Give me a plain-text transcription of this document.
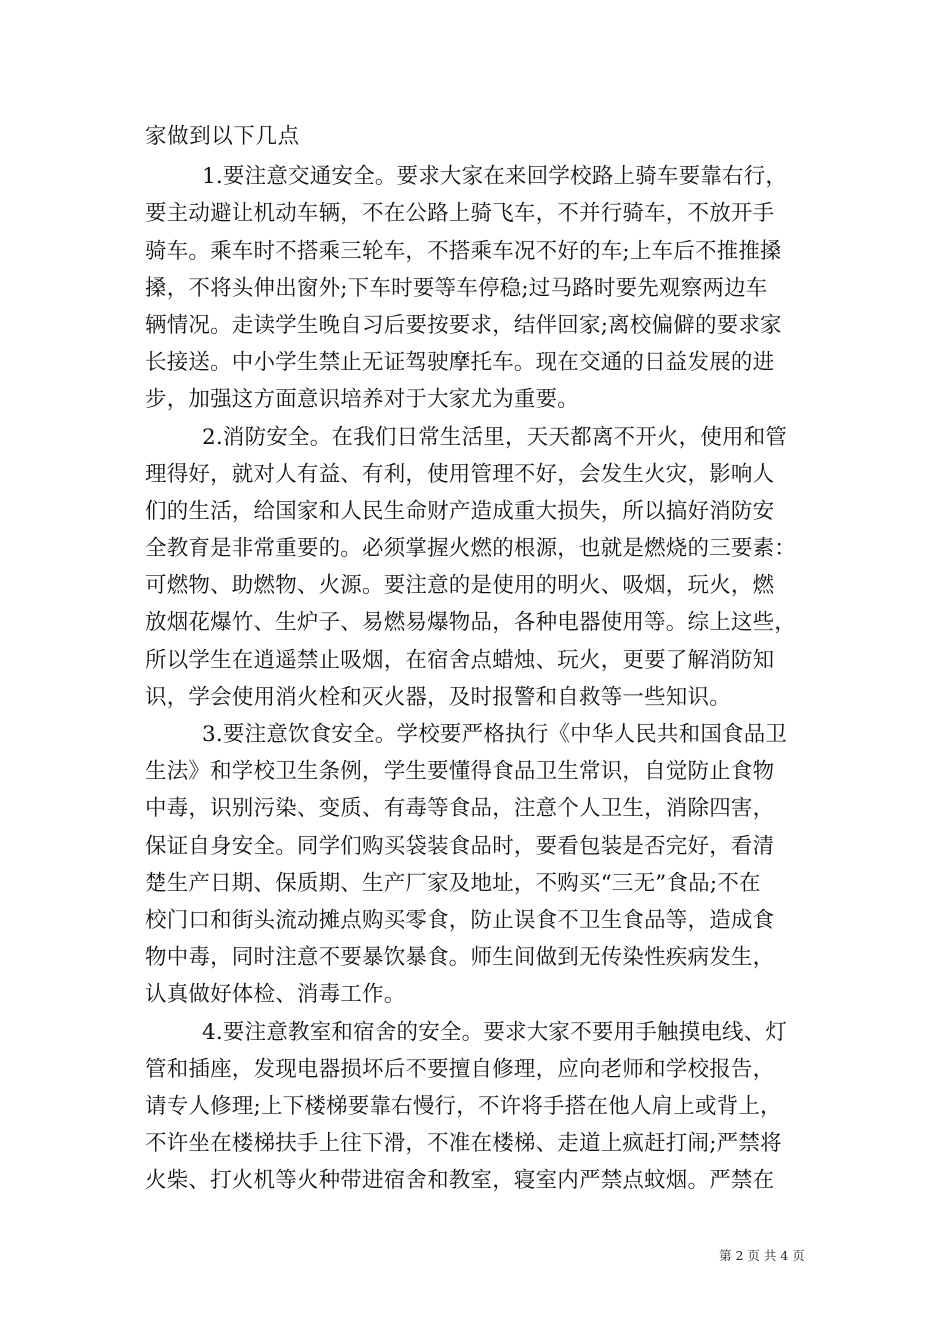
家做到以下几点
1.要注意交通安全。要求大家在来回学校路上骑车要靠右行，
要主动避让机动车辆，不在公路上骑飞车，不并行骑车，不放开手
骑车。乘车时不搭乘三轮车，不搭乘车况不好的车;上车后不推推搡
搡，不将头伸出窗外;下车时要等车停稳;过马路时要先观察两边车
辆情况。走读学生晚自习后要按要求，结伴回家;离校偏僻的要求家
长接送。中小学生禁止无证驾驶摩托车。现在交通的日益发展的进
步，加强这方面意识培养对于大家尤为重要。
2.消防安全。在我们日常生活里，天天都离不开火，使用和管
理得好，就对人有益、有利，使用管理不好，会发生火灾，影响人
们的生活，给国家和人民生命财产造成重大损失，所以搞好消防安
全教育是非常重要的。必须掌握火燃的根源，也就是燃烧的三要素：
可燃物、助燃物、火源。要注意的是使用的明火、吸烟，玩火，燃
放烟花爆竹、生炉子、易燃易爆物品，各种电器使用等。综上这些，
所以学生在逍遥禁止吸烟，在宿舍点蜡烛、玩火，更要了解消防知
识，学会使用消火栓和灭火器，及时报警和自救等一些知识。
3.要注意饮食安全。学校要严格执行《中华人民共和国食品卫
生法》和学校卫生条例，学生要懂得食品卫生常识，自觉防止食物
中毒，识别污染、变质、有毒等食品，注意个人卫生，消除四害，
保证自身安全。同学们购买袋装食品时，要看包装是否完好，看清
楚生产日期、保质期、生产厂家及地址，不购买“三无”食品;不在
校门口和街头流动摊点购买零食，防止误食不卫生食品等，造成食
物中毒，同时注意不要暴饮暴食。师生间做到无传染性疾病发生，
认真做好体检、消毒工作。
4.要注意教室和宿舍的安全。要求大家不要用手触摸电线、灯
管和插座，发现电器损坏后不要擅自修理，应向老师和学校报告，
请专人修理;上下楼梯要靠右慢行，不许将手搭在他人肩上或背上，
不许坐在楼梯扶手上往下滑，不准在楼梯、走道上疯赶打闹;严禁将
火柴、打火机等火种带进宿舍和教室，寝室内严禁点蚊烟。严禁在
第 2 页 共 4 页
